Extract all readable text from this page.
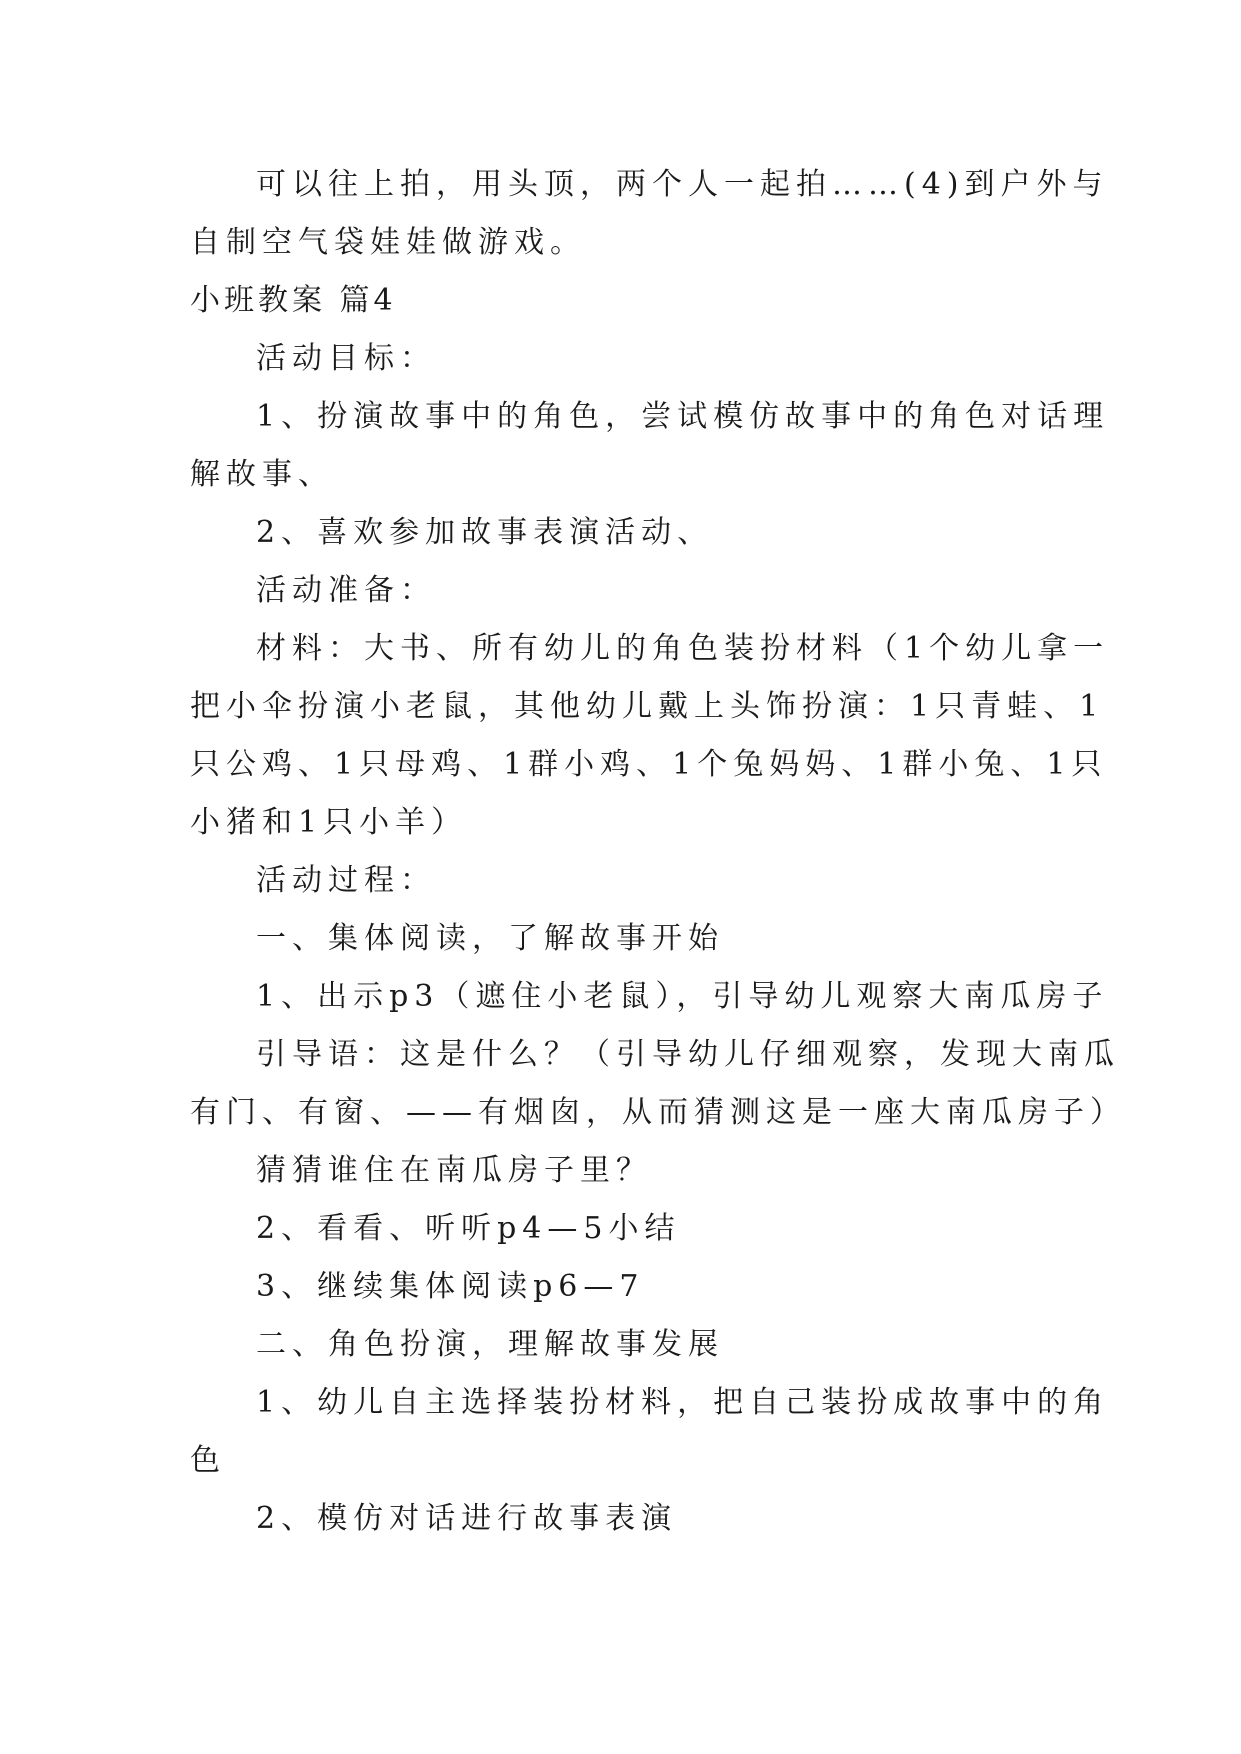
可以往上拍，用头顶，两个人一起拍……(4)到户外与
自制空气袋娃娃做游戏。
小班教案 篇4
活动目标：
1、扮演故事中的角色，尝试模仿故事中的角色对话理
解故事、
2、喜欢参加故事表演活动、
活动准备：
材料：大书、所有幼儿的角色装扮材料（1个幼儿拿一
把小伞扮演小老鼠，其他幼儿戴上头饰扮演：1只青蛙、1
只公鸡、1只母鸡、1群小鸡、1个兔妈妈、1群小兔、1只
小猪和1只小羊）
活动过程：
一、集体阅读，了解故事开始
1、出示p3（遮住小老鼠），引导幼儿观察大南瓜房子
引导语：这是什么？（引导幼儿仔细观察，发现大南瓜
有门、有窗、——有烟囱，从而猜测这是一座大南瓜房子）
猜猜谁住在南瓜房子里？
2、看看、听听p4—5小结
3、继续集体阅读p6—7
二、角色扮演，理解故事发展
1、幼儿自主选择装扮材料，把自己装扮成故事中的角
色
2、模仿对话进行故事表演
